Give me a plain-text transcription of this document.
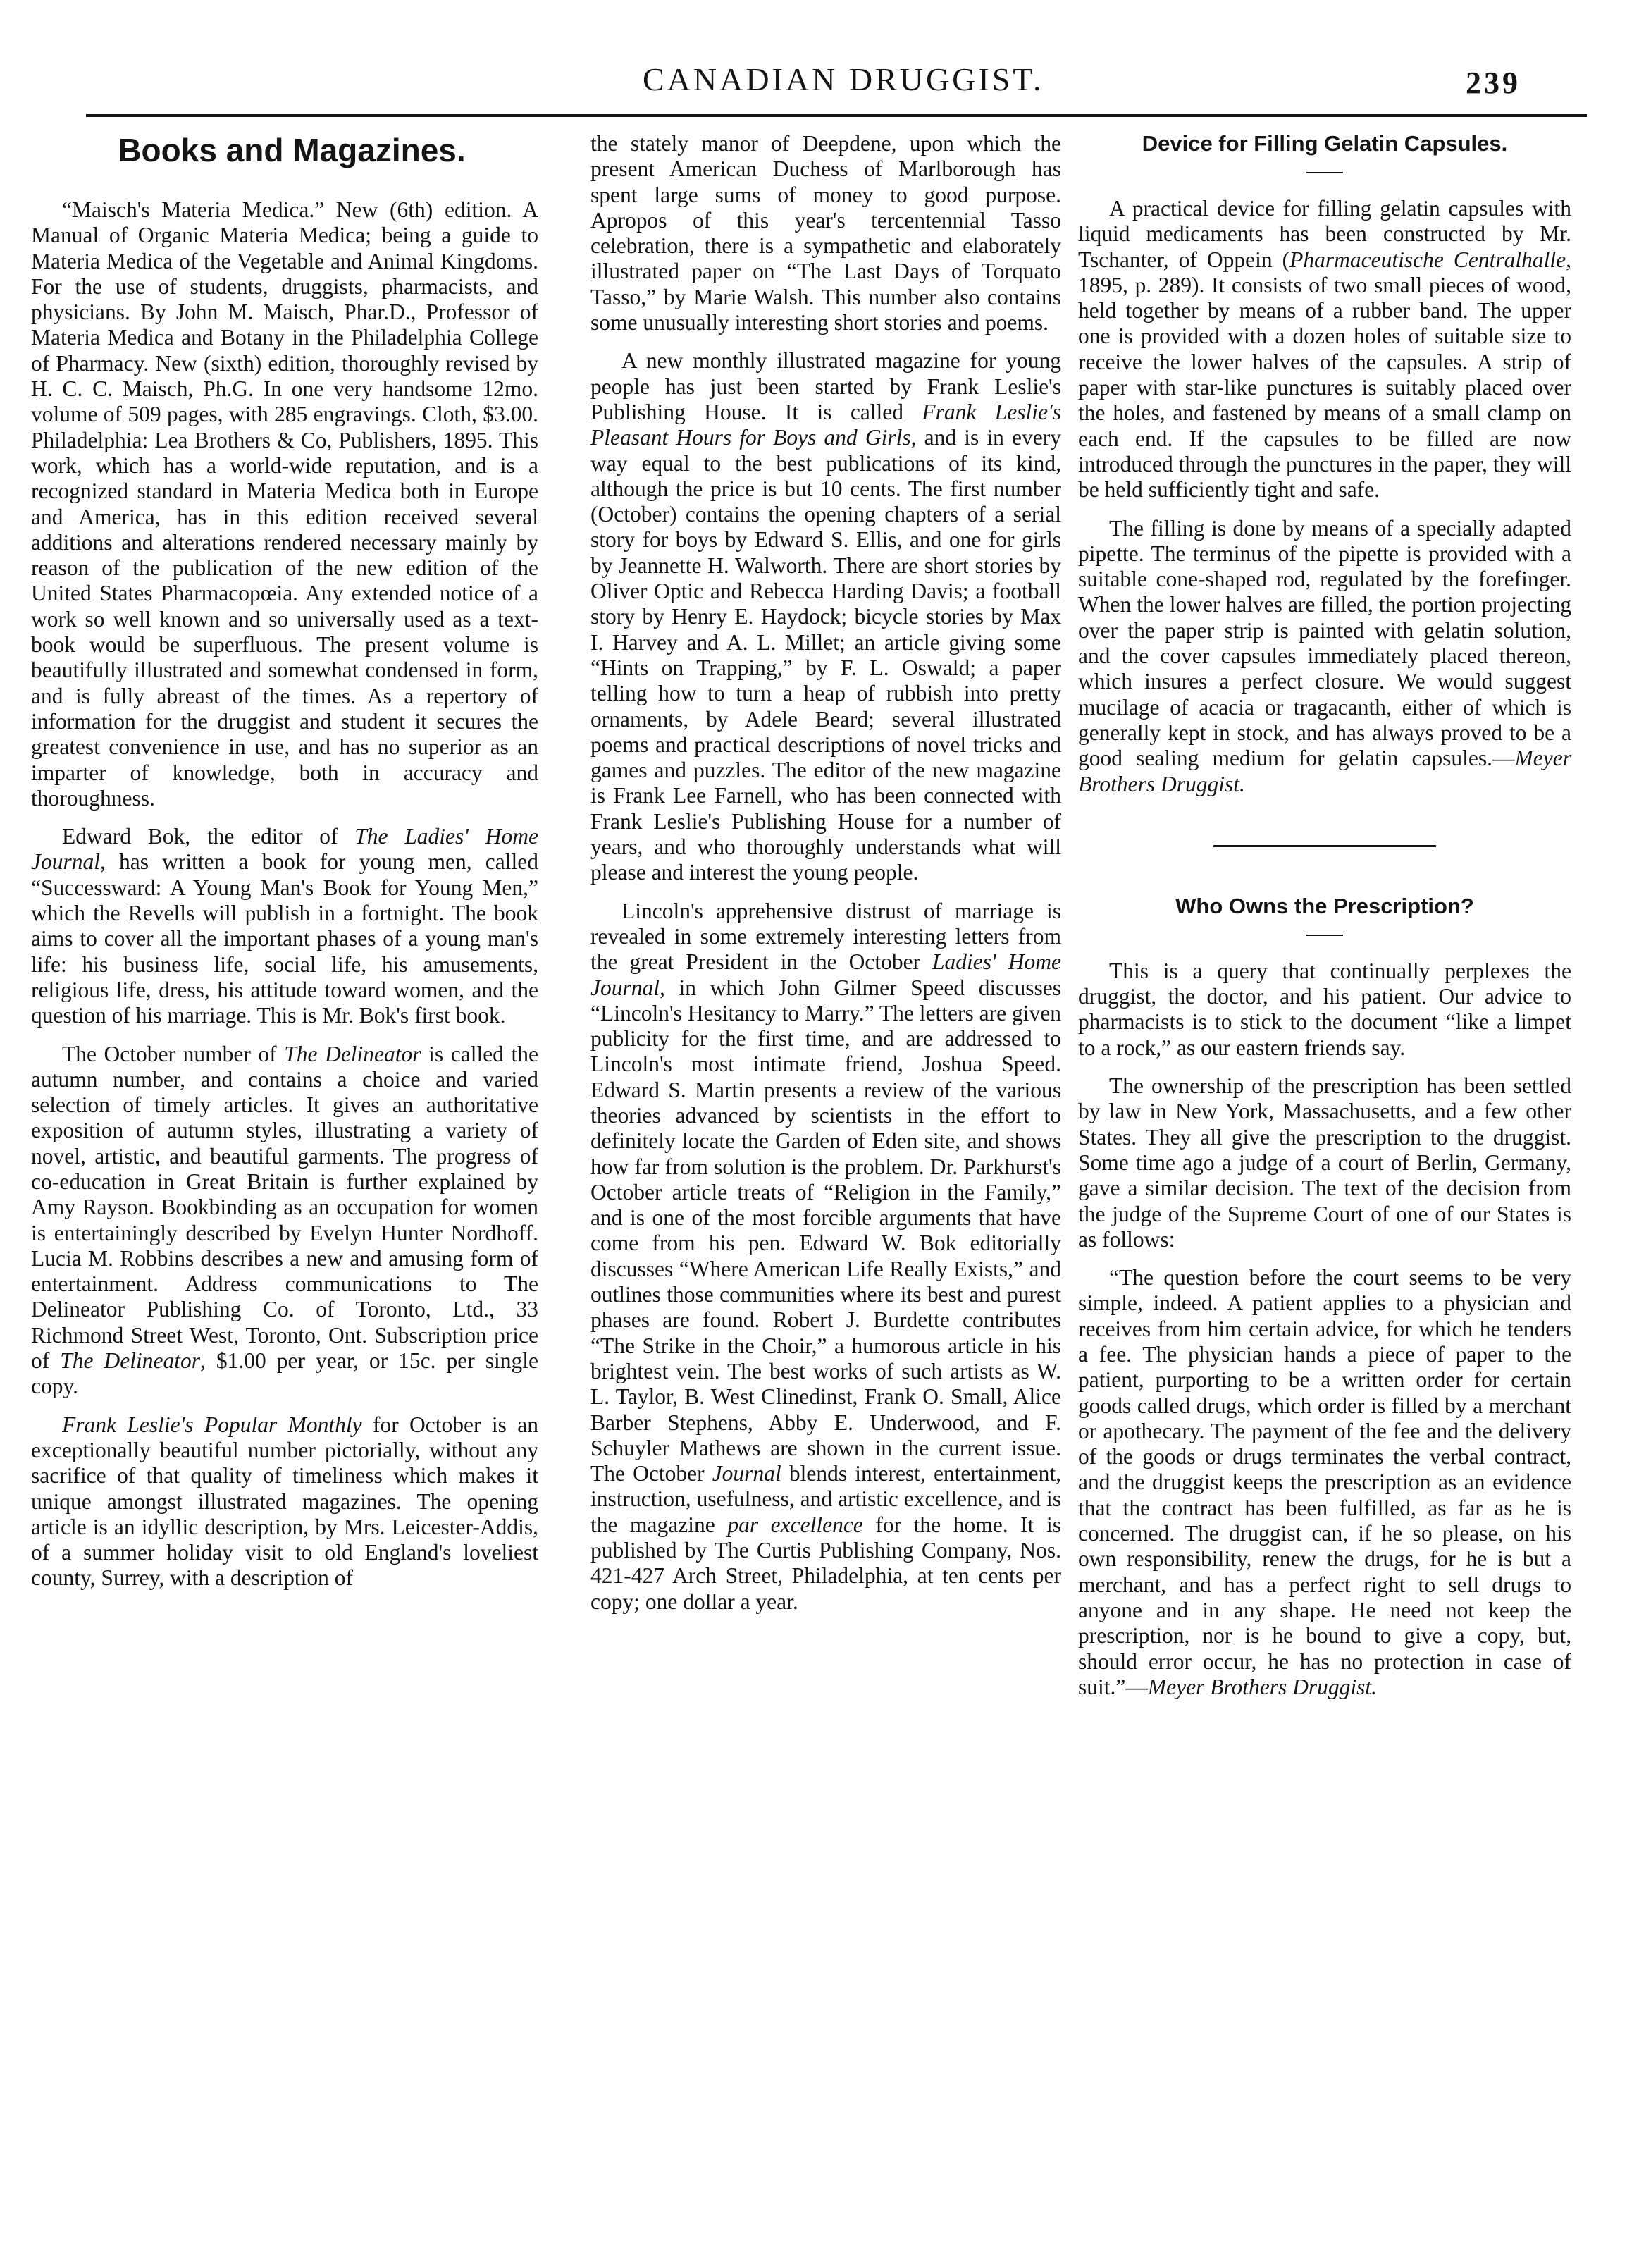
CANADIAN DRUGGIST.	239
Books and Magazines.

“Maisch's Materia Medica.” New (6th) edition. A Manual of Organic Materia Medica; being a guide to Materia Medica of the Vegetable and Animal Kingdoms. For the use of students, druggists, pharmacists, and physicians. By John M. Maisch, Phar.D., Professor of Materia Medica and Botany in the Philadelphia College of Pharmacy. New (sixth) edition, thoroughly revised by H. C. C. Maisch, Ph.G. In one very handsome 12mo. volume of 509 pages, with 285 engravings. Cloth, $3.00. Philadelphia: Lea Brothers & Co, Publishers, 1895. This work, which has a world-wide reputation, and is a recognized standard in Materia Medica both in Europe and America, has in this edition received several additions and alterations rendered necessary mainly by reason of the publication of the new edition of the United States Pharmacopœia. Any extended notice of a work so well known and so universally used as a text-book would be superfluous. The present volume is beautifully illustrated and somewhat condensed in form, and is fully abreast of the times. As a repertory of information for the druggist and student it secures the greatest convenience in use, and has no superior as an imparter of knowledge, both in accuracy and thoroughness.

Edward Bok, the editor of The Ladies' Home Journal, has written a book for young men, called “Successward: A Young Man's Book for Young Men,” which the Revells will publish in a fortnight. The book aims to cover all the important phases of a young man's life: his business life, social life, his amusements, religious life, dress, his attitude toward women, and the question of his marriage. This is Mr. Bok's first book.

The October number of The Delineator is called the autumn number, and contains a choice and varied selection of timely articles. It gives an authoritative exposition of autumn styles, illustrating a variety of novel, artistic, and beautiful garments. The progress of co-education in Great Britain is further explained by Amy Rayson. Bookbinding as an occupation for women is entertainingly described by Evelyn Hunter Nordhoff. Lucia M. Robbins describes a new and amusing form of entertainment. Address communications to The Delineator Publishing Co. of Toronto, Ltd., 33 Richmond Street West, Toronto, Ont. Subscription price of The Delineator, $1.00 per year, or 15c. per single copy.

Frank Leslie's Popular Monthly for October is an exceptionally beautiful number pictorially, without any sacrifice of that quality of timeliness which makes it unique amongst illustrated magazines. The opening article is an idyllic description, by Mrs. Leicester-Addis, of a summer holiday visit to old England's loveliest county, Surrey, with a description of

the stately manor of Deepdene, upon which the present American Duchess of Marlborough has spent large sums of money to good purpose. Apropos of this year's tercentennial Tasso celebration, there is a sympathetic and elaborately illustrated paper on “The Last Days of Torquato Tasso,” by Marie Walsh. This number also contains some unusually interesting short stories and poems.

A new monthly illustrated magazine for young people has just been started by Frank Leslie's Publishing House. It is called Frank Leslie's Pleasant Hours for Boys and Girls, and is in every way equal to the best publications of its kind, although the price is but 10 cents. The first number (October) contains the opening chapters of a serial story for boys by Edward S. Ellis, and one for girls by Jeannette H. Walworth. There are short stories by Oliver Optic and Rebecca Harding Davis; a football story by Henry E. Haydock; bicycle stories by Max I. Harvey and A. L. Millet; an article giving some “Hints on Trapping,” by F. L. Oswald; a paper telling how to turn a heap of rubbish into pretty ornaments, by Adele Beard; several illustrated poems and practical descriptions of novel tricks and games and puzzles. The editor of the new magazine is Frank Lee Farnell, who has been connected with Frank Leslie's Publishing House for a number of years, and who thoroughly understands what will please and interest the young people.

Lincoln's apprehensive distrust of marriage is revealed in some extremely interesting letters from the great President in the October Ladies' Home Journal, in which John Gilmer Speed discusses “Lincoln's Hesitancy to Marry.” The letters are given publicity for the first time, and are addressed to Lincoln's most intimate friend, Joshua Speed. Edward S. Martin presents a review of the various theories advanced by scientists in the effort to definitely locate the Garden of Eden site, and shows how far from solution is the problem. Dr. Parkhurst's October article treats of “Religion in the Family,” and is one of the most forcible arguments that have come from his pen. Edward W. Bok editorially discusses “Where American Life Really Exists,” and outlines those communities where its best and purest phases are found. Robert J. Burdette contributes “The Strike in the Choir,” a humorous article in his brightest vein. The best works of such artists as W. L. Taylor, B. West Clinedinst, Frank O. Small, Alice Barber Stephens, Abby E. Underwood, and F. Schuyler Mathews are shown in the current issue. The October Journal blends interest, entertainment, instruction, usefulness, and artistic excellence, and is the magazine par excellence for the home. It is published by The Curtis Publishing Company, Nos. 421-427 Arch Street, Philadelphia, at ten cents per copy; one dollar a year.

Device for Filling Gelatin Capsules.

A practical device for filling gelatin capsules with liquid medicaments has been constructed by Mr. Tschanter, of Oppein (Pharmaceutische Centralhalle, 1895, p. 289). It consists of two small pieces of wood, held together by means of a rubber band. The upper one is provided with a dozen holes of suitable size to receive the lower halves of the capsules. A strip of paper with star-like punctures is suitably placed over the holes, and fastened by means of a small clamp on each end. If the capsules to be filled are now introduced through the punctures in the paper, they will be held sufficiently tight and safe.

The filling is done by means of a specially adapted pipette. The terminus of the pipette is provided with a suitable cone-shaped rod, regulated by the forefinger. When the lower halves are filled, the portion projecting over the paper strip is painted with gelatin solution, and the cover capsules immediately placed thereon, which insures a perfect closure. We would suggest mucilage of acacia or tragacanth, either of which is generally kept in stock, and has always proved to be a good sealing medium for gelatin capsules.—Meyer Brothers Druggist.

Who Owns the Prescription?

This is a query that continually perplexes the druggist, the doctor, and his patient. Our advice to pharmacists is to stick to the document “like a limpet to a rock,” as our eastern friends say.

The ownership of the prescription has been settled by law in New York, Massachusetts, and a few other States. They all give the prescription to the druggist. Some time ago a judge of a court of Berlin, Germany, gave a similar decision. The text of the decision from the judge of the Supreme Court of one of our States is as follows:

“The question before the court seems to be very simple, indeed. A patient applies to a physician and receives from him certain advice, for which he tenders a fee. The physician hands a piece of paper to the patient, purporting to be a written order for certain goods called drugs, which order is filled by a merchant or apothecary. The payment of the fee and the delivery of the goods or drugs terminates the verbal contract, and the druggist keeps the prescription as an evidence that the contract has been fulfilled, as far as he is concerned. The druggist can, if he so please, on his own responsibility, renew the drugs, for he is but a merchant, and has a perfect right to sell drugs to anyone and in any shape. He need not keep the prescription, nor is he bound to give a copy, but, should error occur, he has no protection in case of suit.”—Meyer Brothers Druggist.
